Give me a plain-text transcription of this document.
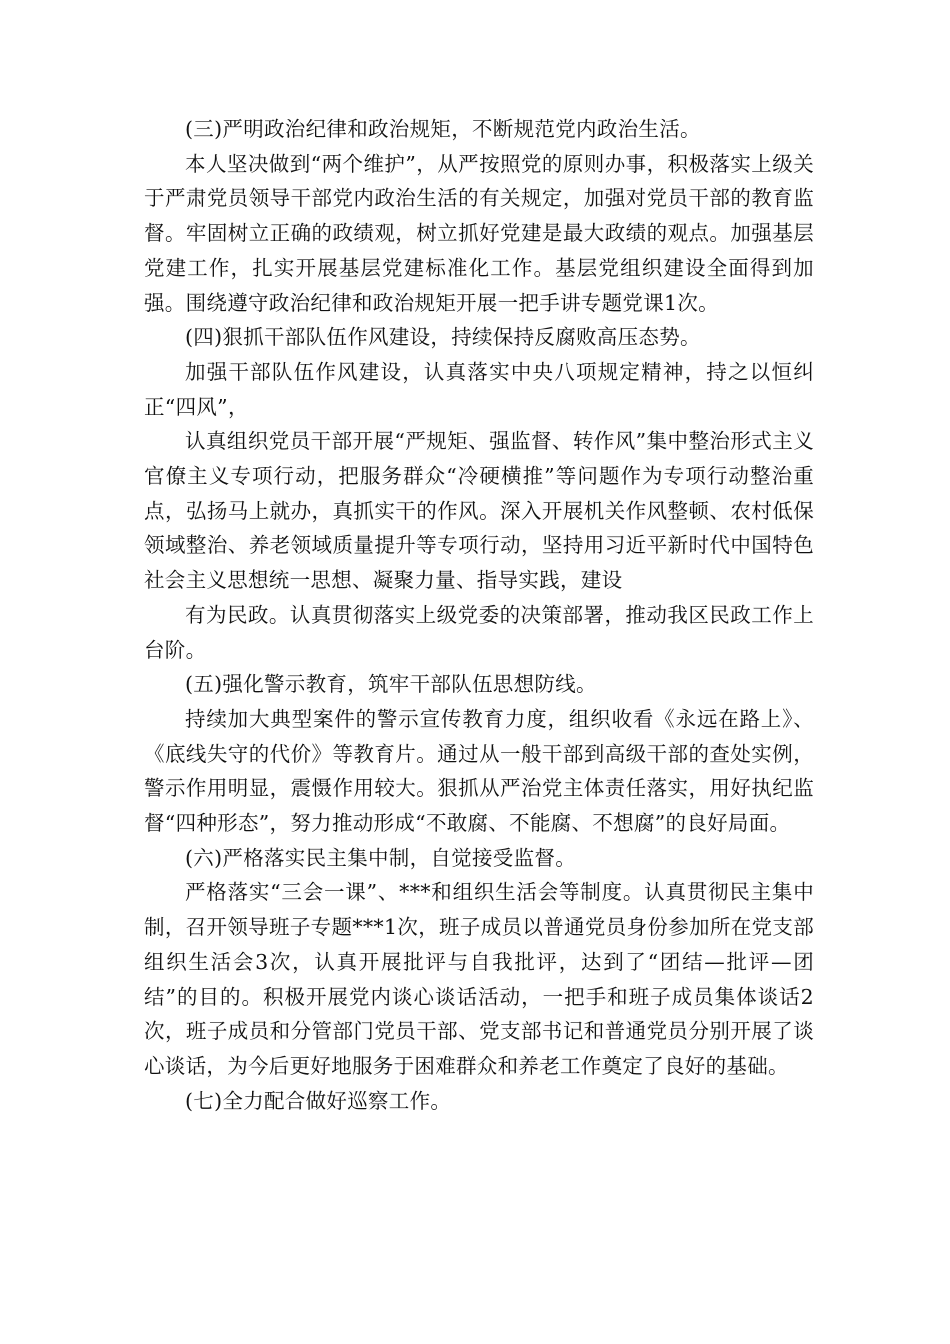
(三)严明政治纪律和政治规矩，不断规范党内政治生活。

本人坚决做到“两个维护”，从严按照党的原则办事，积极落实上级关于严肃党员领导干部党内政治生活的有关规定，加强对党员干部的教育监督。牢固树立正确的政绩观，树立抓好党建是最大政绩的观点。加强基层党建工作，扎实开展基层党建标准化工作。基层党组织建设全面得到加强。围绕遵守政治纪律和政治规矩开展一把手讲专题党课1次。

(四)狠抓干部队伍作风建设，持续保持反腐败高压态势。

加强干部队伍作风建设，认真落实中央八项规定精神，持之以恒纠正“四风”，

认真组织党员干部开展“严规矩、强监督、转作风”集中整治形式主义官僚主义专项行动，把服务群众“冷硬横推”等问题作为专项行动整治重点，弘扬马上就办，真抓实干的作风。深入开展机关作风整顿、农村低保领域整治、养老领域质量提升等专项行动，坚持用习近平新时代中国特色社会主义思想统一思想、凝聚力量、指导实践，建设

有为民政。认真贯彻落实上级党委的决策部署，推动我区民政工作上台阶。

(五)强化警示教育，筑牢干部队伍思想防线。

持续加大典型案件的警示宣传教育力度，组织收看《永远在路上》、《底线失守的代价》等教育片。通过从一般干部到高级干部的查处实例，警示作用明显，震慑作用较大。狠抓从严治党主体责任落实，用好执纪监督“四种形态”，努力推动形成“不敢腐、不能腐、不想腐”的良好局面。

(六)严格落实民主集中制，自觉接受监督。

严格落实“三会一课”、***和组织生活会等制度。认真贯彻民主集中制，召开领导班子专题***1次，班子成员以普通党员身份参加所在党支部组织生活会3次，认真开展批评与自我批评，达到了“团结—批评—团结”的目的。积极开展党内谈心谈话活动，一把手和班子成员集体谈话2次，班子成员和分管部门党员干部、党支部书记和普通党员分别开展了谈心谈话，为今后更好地服务于困难群众和养老工作奠定了良好的基础。

(七)全力配合做好巡察工作。
